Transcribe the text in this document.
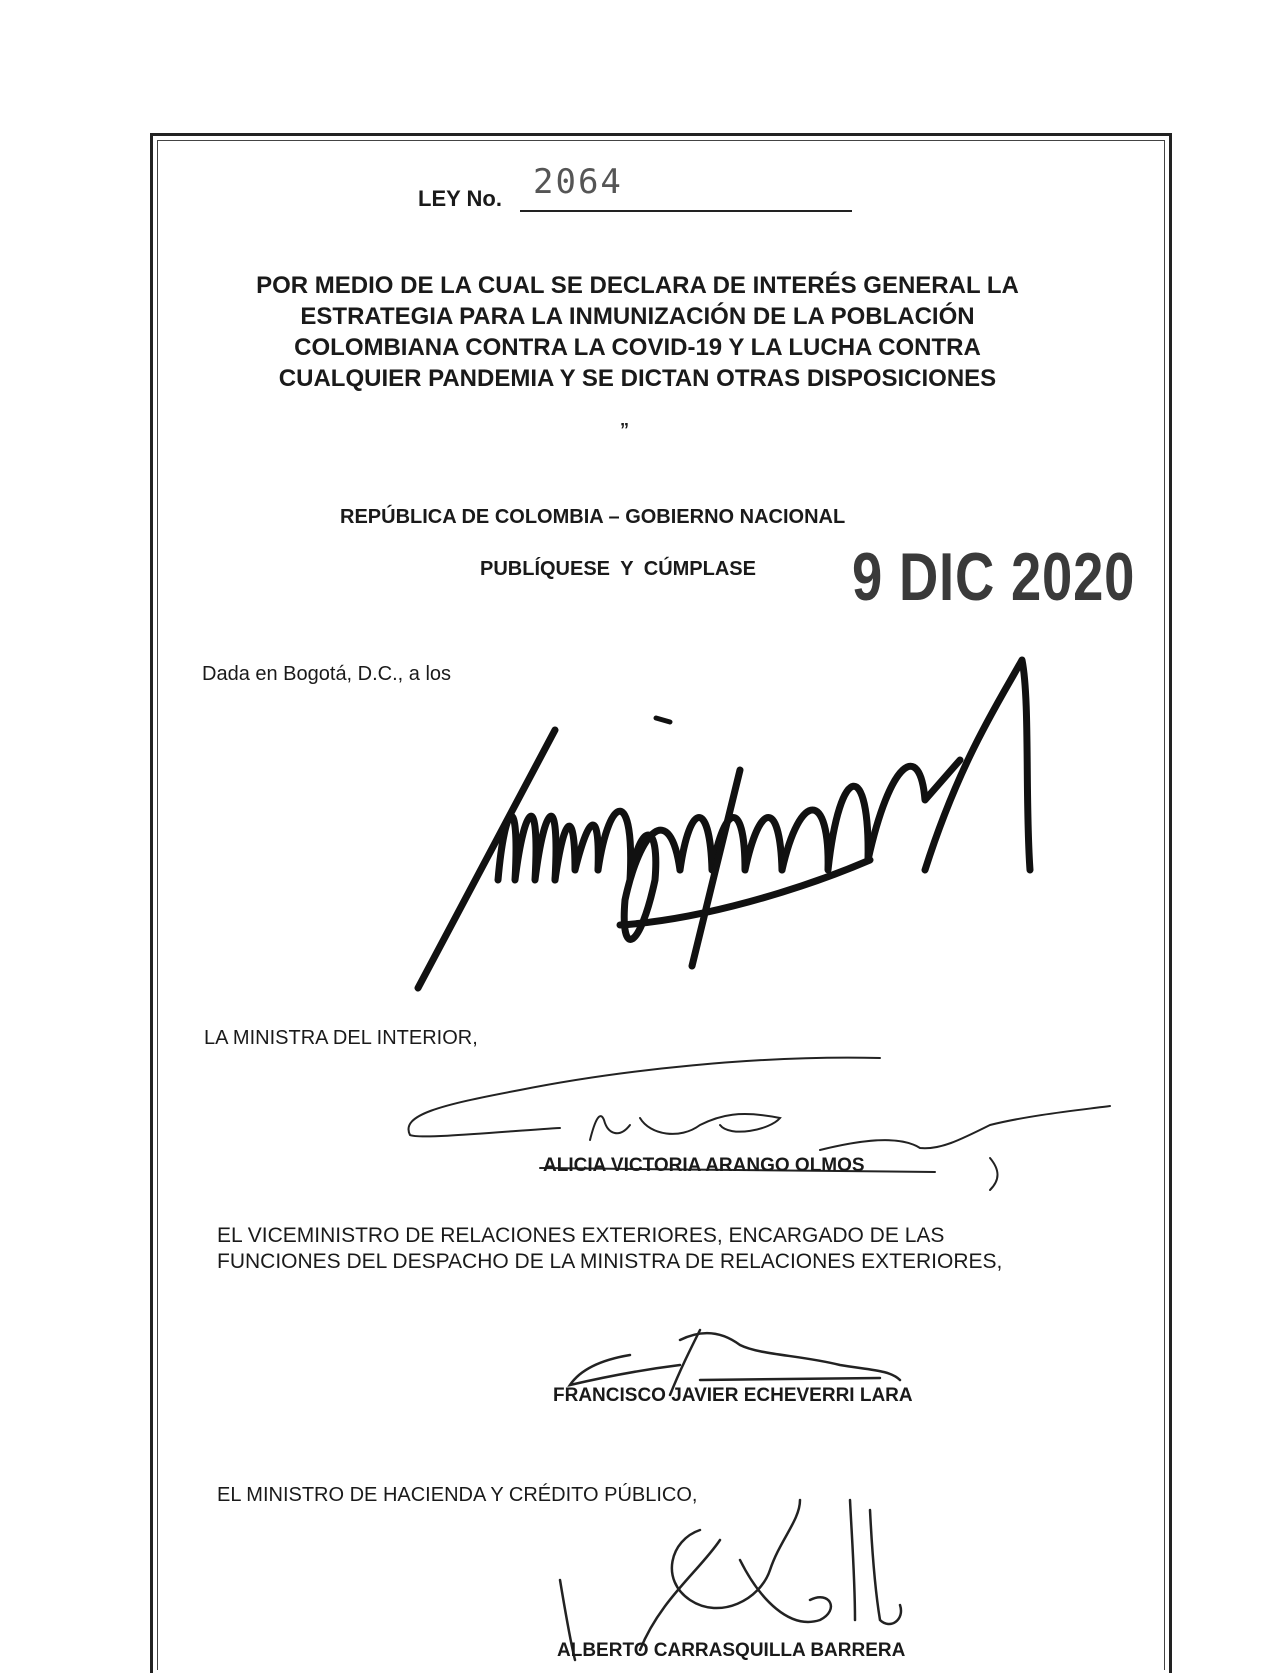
LEY No. 2064
POR MEDIO DE LA CUAL SE DECLARA DE INTERÉS GENERAL LA
ESTRATEGIA PARA LA INMUNIZACIÓN DE LA POBLACIÓN
COLOMBIANA CONTRA LA COVID-19 Y LA LUCHA CONTRA
CUALQUIER PANDEMIA Y SE DICTAN OTRAS DISPOSICIONES
”
REPÚBLICA DE COLOMBIA – GOBIERNO NACIONAL
PUBLÍQUESE Y CÚMPLASE 9 DIC 2020
Dada en Bogotá, D.C., a los
LA MINISTRA DEL INTERIOR,
ALICIA VICTORIA ARANGO OLMOS
EL VICEMINISTRO DE RELACIONES EXTERIORES, ENCARGADO DE LAS
FUNCIONES DEL DESPACHO DE LA MINISTRA DE RELACIONES EXTERIORES,
FRANCISCO JAVIER ECHEVERRI LARA
EL MINISTRO DE HACIENDA Y CRÉDITO PÚBLICO,
ALBERTO CARRASQUILLA BARRERA
